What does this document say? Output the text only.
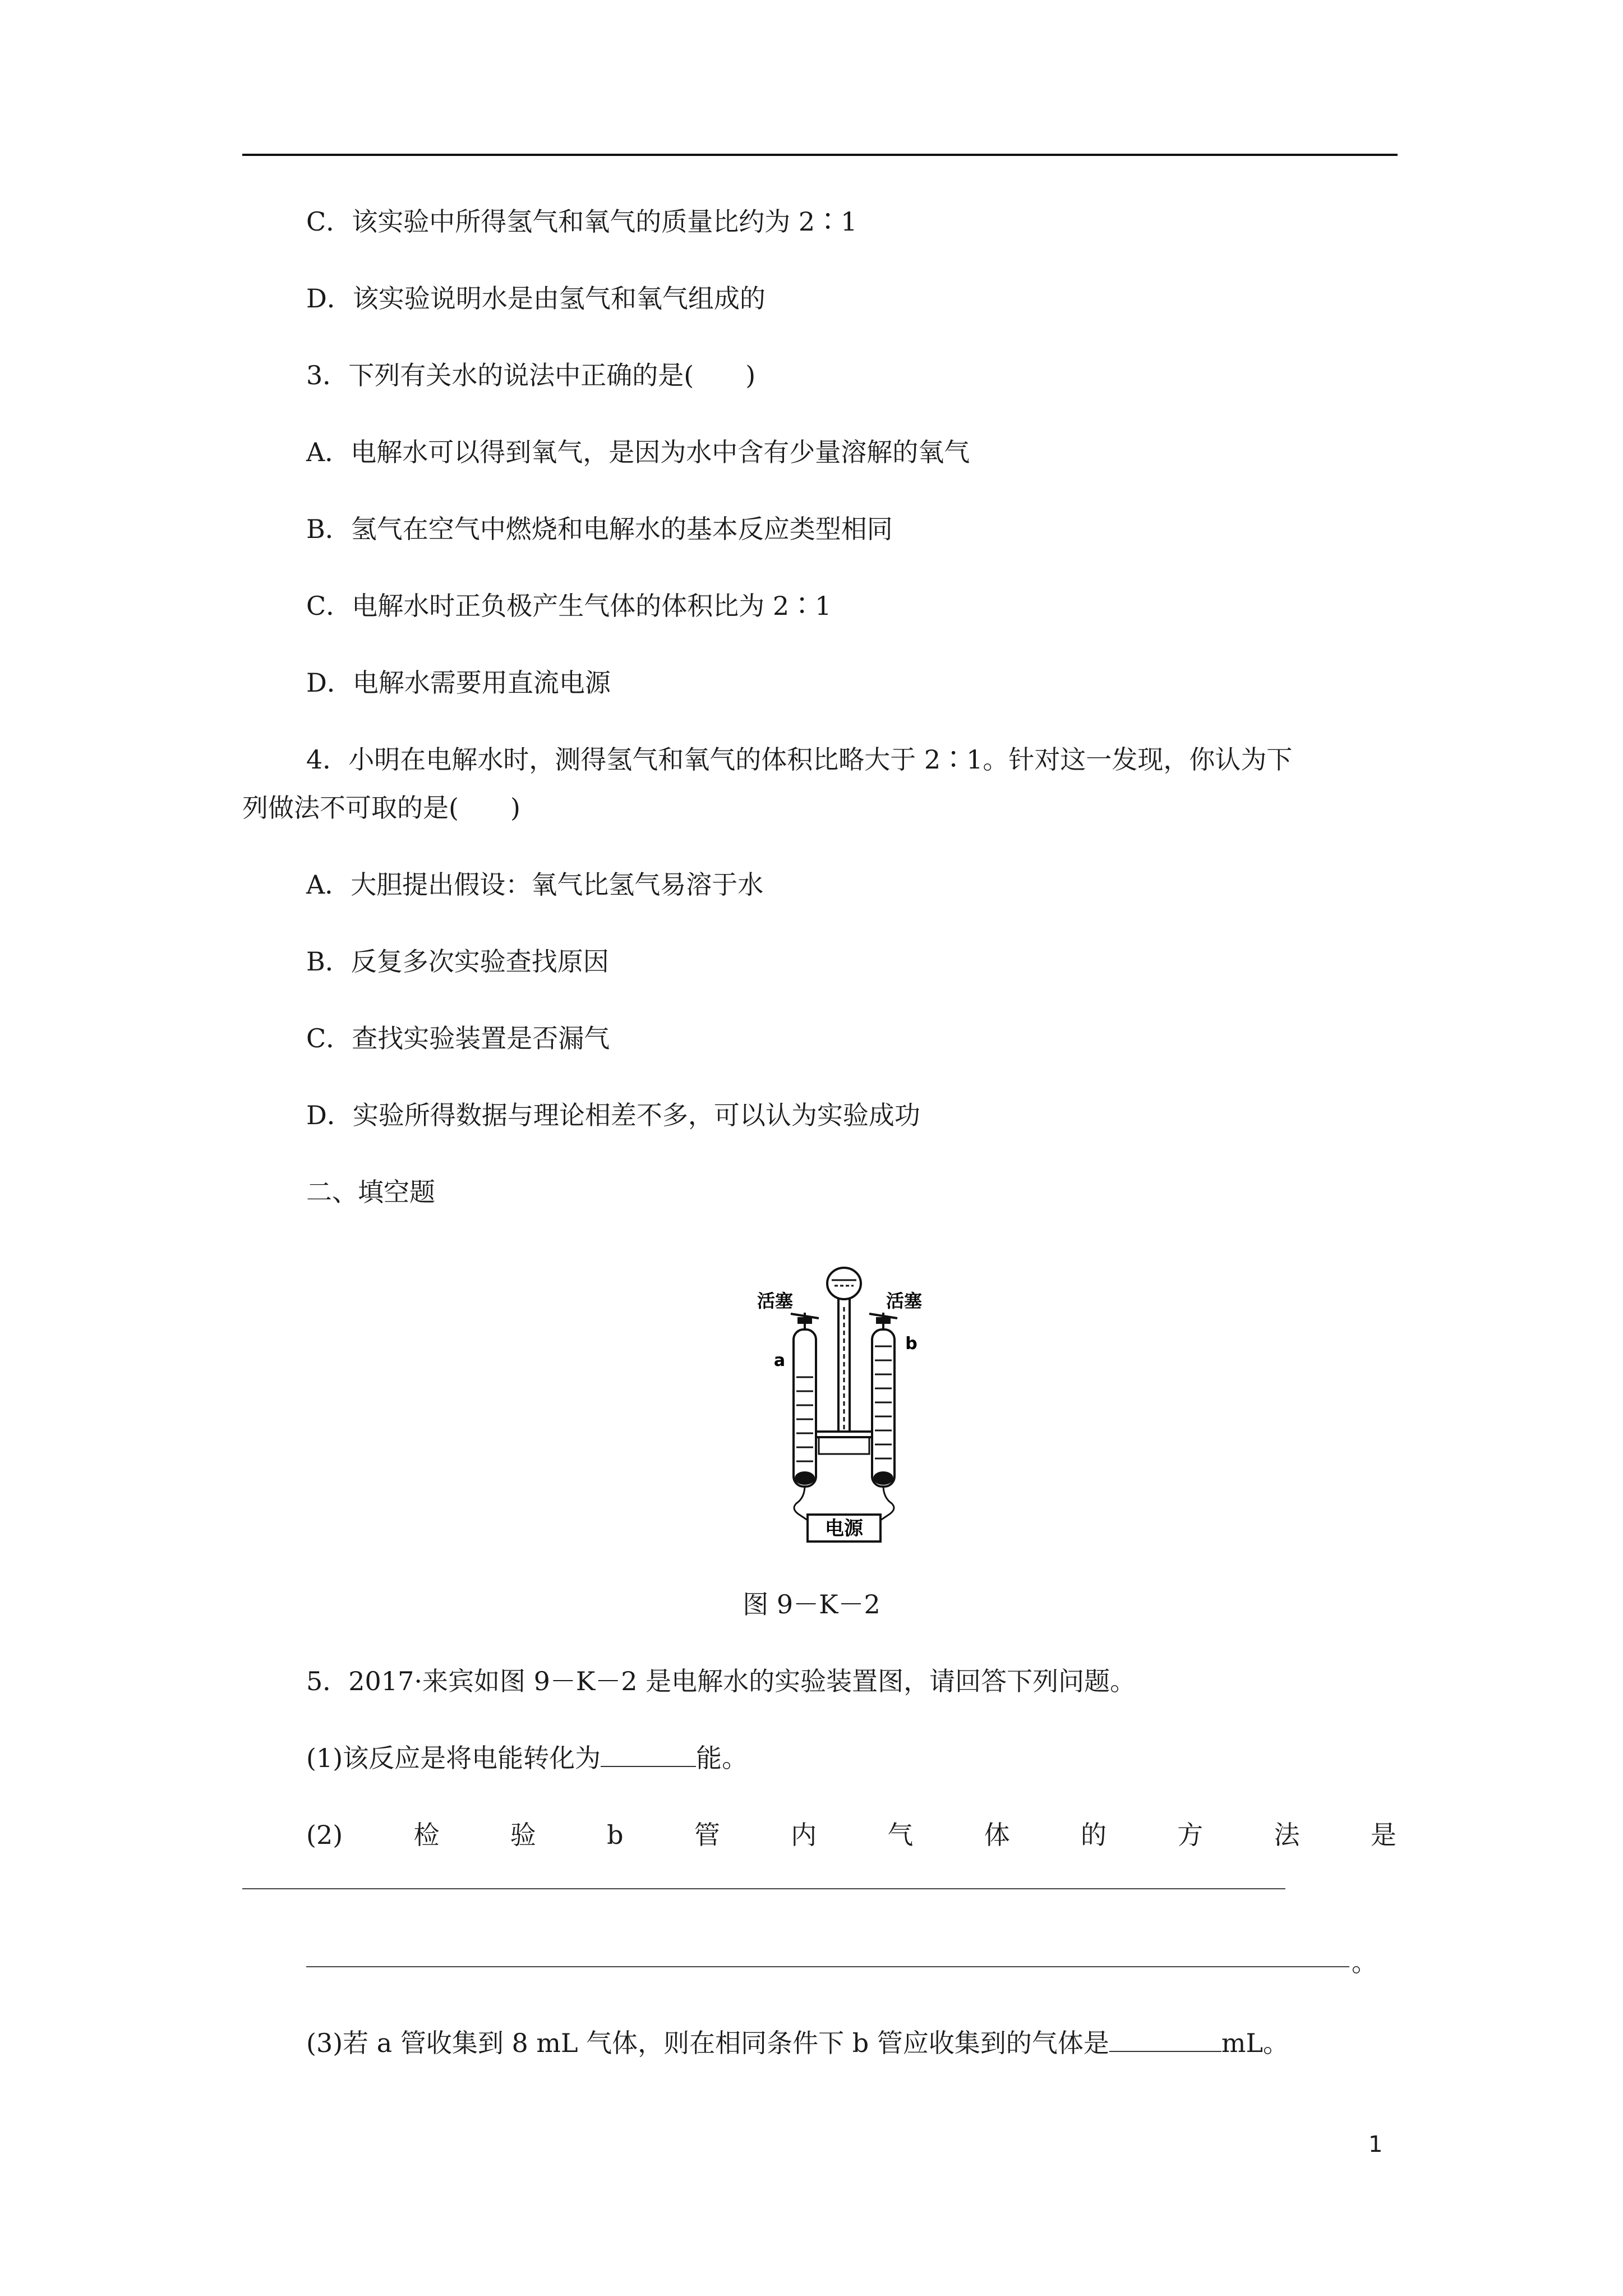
C．该实验中所得氢气和氧气的质量比约为 2∶1
D．该实验说明水是由氢气和氧气组成的
3．下列有关水的说法中正确的是(　　)
A．电解水可以得到氧气，是因为水中含有少量溶解的氧气
B．氢气在空气中燃烧和电解水的基本反应类型相同
C．电解水时正负极产生气体的体积比为 2∶1
D．电解水需要用直流电源
4．小明在电解水时，测得氢气和氧气的体积比略大于 2∶1。针对这一发现，你认为下
列做法不可取的是(　　)
A．大胆提出假设：氧气比氢气易溶于水
B．反复多次实验查找原因
C．查找实验装置是否漏气
D．实验所得数据与理论相差不多，可以认为实验成功
二、填空题
电源
活塞	活塞
a
b
图 9－K－2
5．2017·来宾如图 9－K－2 是电解水的实验装置图，请回答下列问题。
(1)该反应是将电能转化为	能。
(2)	检	验	b	管	内	气	体	的	方	法	是
。
(3)若 a 管收集到 8 mL 气体，则在相同条件下 b 管应收集到的气体是	mL。
1
